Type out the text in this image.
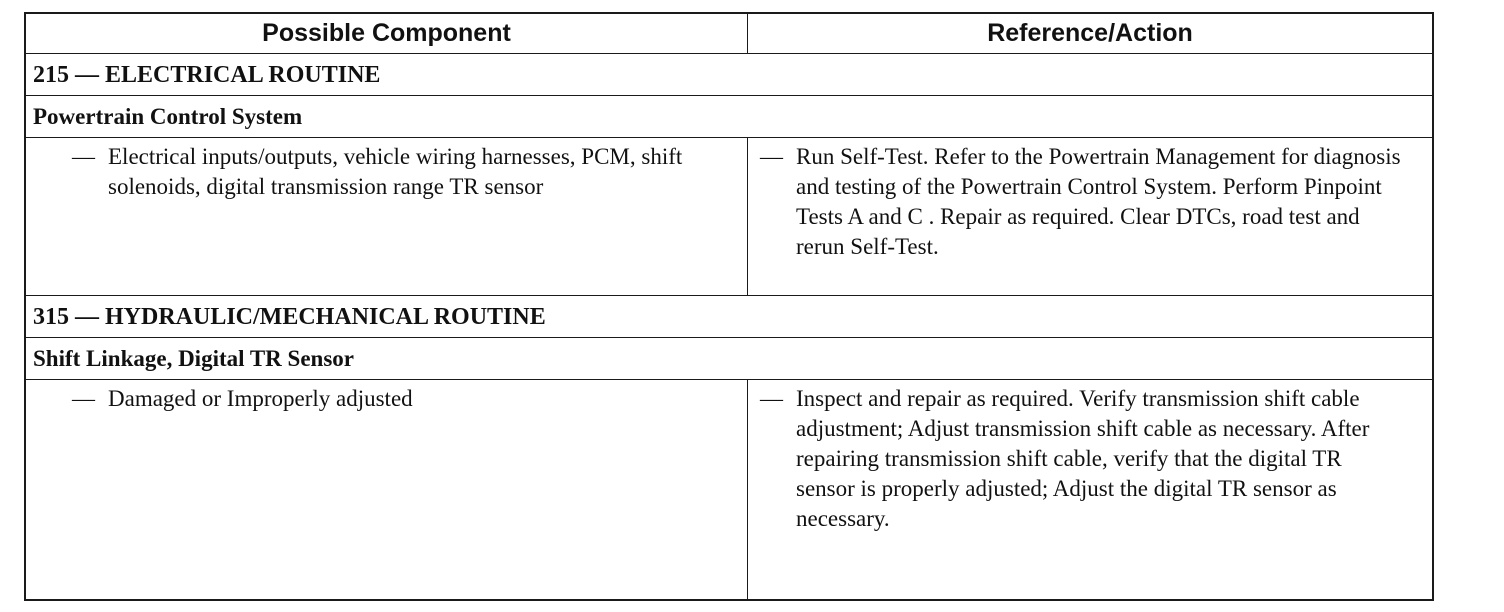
Possible Component	Reference/Action
215 — ELECTRICAL ROUTINE
Powertrain Control System
— Electrical inputs/outputs, vehicle wiring harnesses, PCM, shift solenoids, digital transmission range TR sensor
— Run Self-Test. Refer to the Powertrain Management for diagnosis and testing of the Powertrain Control System. Perform Pinpoint Tests A and C . Repair as required. Clear DTCs, road test and rerun Self-Test.
315 — HYDRAULIC/MECHANICAL ROUTINE
Shift Linkage, Digital TR Sensor
— Damaged or Improperly adjusted	— Inspect and repair as required. Verify transmission shift cable adjustment; Adjust transmission shift cable as necessary. After repairing transmission shift cable, verify that the digital TR sensor is properly adjusted; Adjust the digital TR sensor as necessary.
